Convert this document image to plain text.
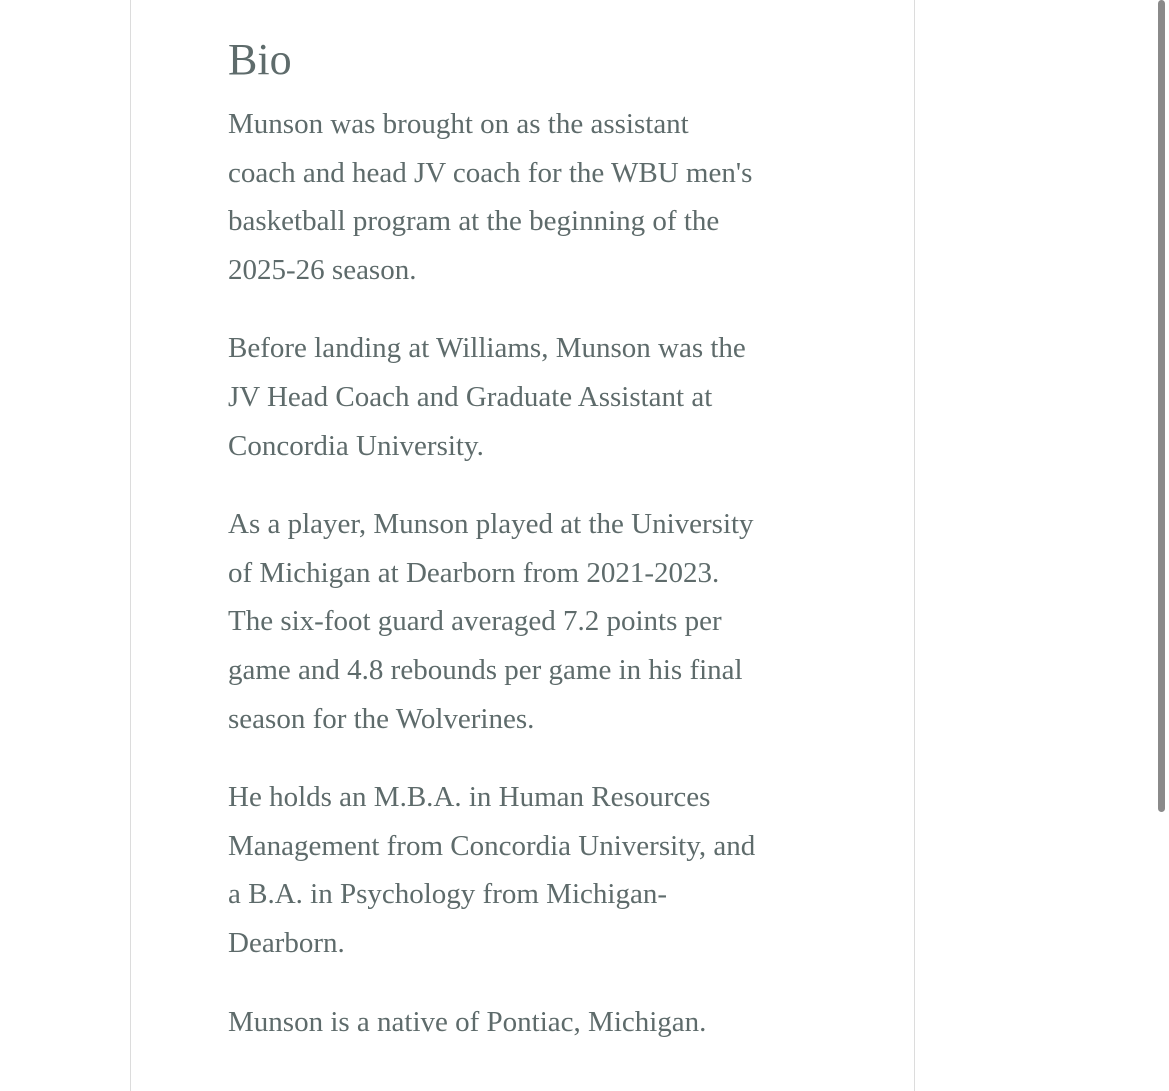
Bio

Munson was brought on as the assistant
coach and head JV coach for the WBU men's
basketball program at the beginning of the
2025-26 season.

Before landing at Williams, Munson was the
JV Head Coach and Graduate Assistant at
Concordia University.

As a player, Munson played at the University
of Michigan at Dearborn from 2021-2023.
The six-foot guard averaged 7.2 points per
game and 4.8 rebounds per game in his final
season for the Wolverines.

He holds an M.B.A. in Human Resources
Management from Concordia University, and
a B.A. in Psychology from Michigan-
Dearborn.

Munson is a native of Pontiac, Michigan.
